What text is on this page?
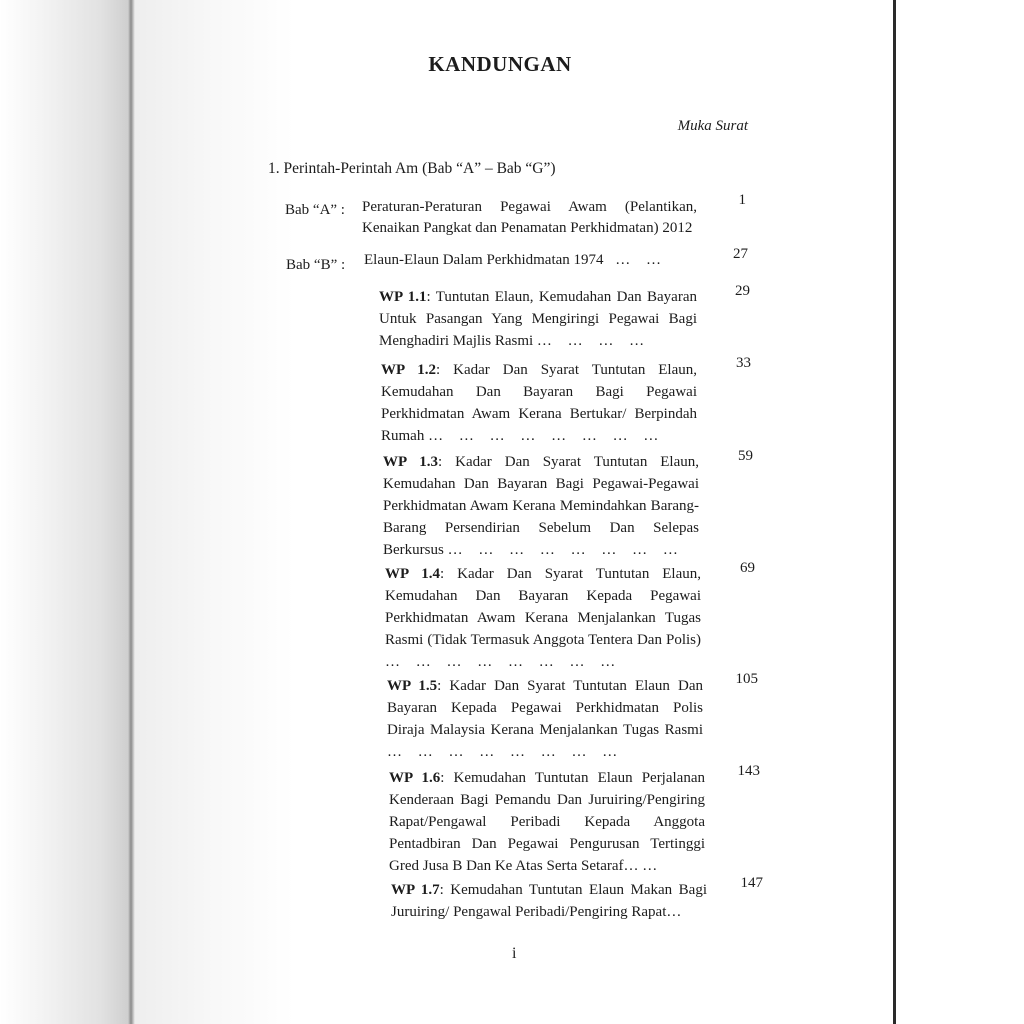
KANDUNGAN
Muka Surat
1. Perintah-Perintah Am (Bab “A” – Bab “G”)
Bab “A” : Peraturan-Peraturan Pegawai Awam (Pelantikan, Kenaikan Pangkat dan Penamatan Perkhidmatan) 2012
1
Bab “B” : Elaun-Elaun Dalam Perkhidmatan 1974 … …	27
WP 1.1: Tuntutan Elaun, Kemudahan Dan Bayaran Untuk Pasangan Yang Mengiringi Pegawai Bagi Menghadiri Majlis Rasmi … … … …
29
WP 1.2: Kadar Dan Syarat Tuntutan Elaun, Kemudahan Dan Bayaran Bagi Pegawai Perkhidmatan Awam Kerana Bertukar/ Berpindah Rumah … … … … … … … …
33
WP 1.3: Kadar Dan Syarat Tuntutan Elaun, Kemudahan Dan Bayaran Bagi Pegawai-Pegawai Perkhidmatan Awam Kerana Memindahkan Barang-Barang Persendirian Sebelum Dan Selepas Berkursus … … … … … … … …
59
WP 1.4: Kadar Dan Syarat Tuntutan Elaun, Kemudahan Dan Bayaran Kepada Pegawai Perkhidmatan Awam Kerana Menjalankan Tugas Rasmi (Tidak Termasuk Anggota Tentera Dan Polis) … … … … … … … …
69
WP 1.5: Kadar Dan Syarat Tuntutan Elaun Dan Bayaran Kepada Pegawai Perkhidmatan Polis Diraja Malaysia Kerana Menjalankan Tugas Rasmi … … … … … … … …
105
WP 1.6: Kemudahan Tuntutan Elaun Perjalanan Kenderaan Bagi Pemandu Dan Juruiring/Pengiring Rapat/Pengawal Peribadi Kepada Anggota Pentadbiran Dan Pegawai Pengurusan Tertinggi Gred Jusa B Dan Ke Atas Serta Setaraf… …
143
WP 1.7: Kemudahan Tuntutan Elaun Makan Bagi Juruiring/ Pengawal Peribadi/Pengiring Rapat…
147
i
